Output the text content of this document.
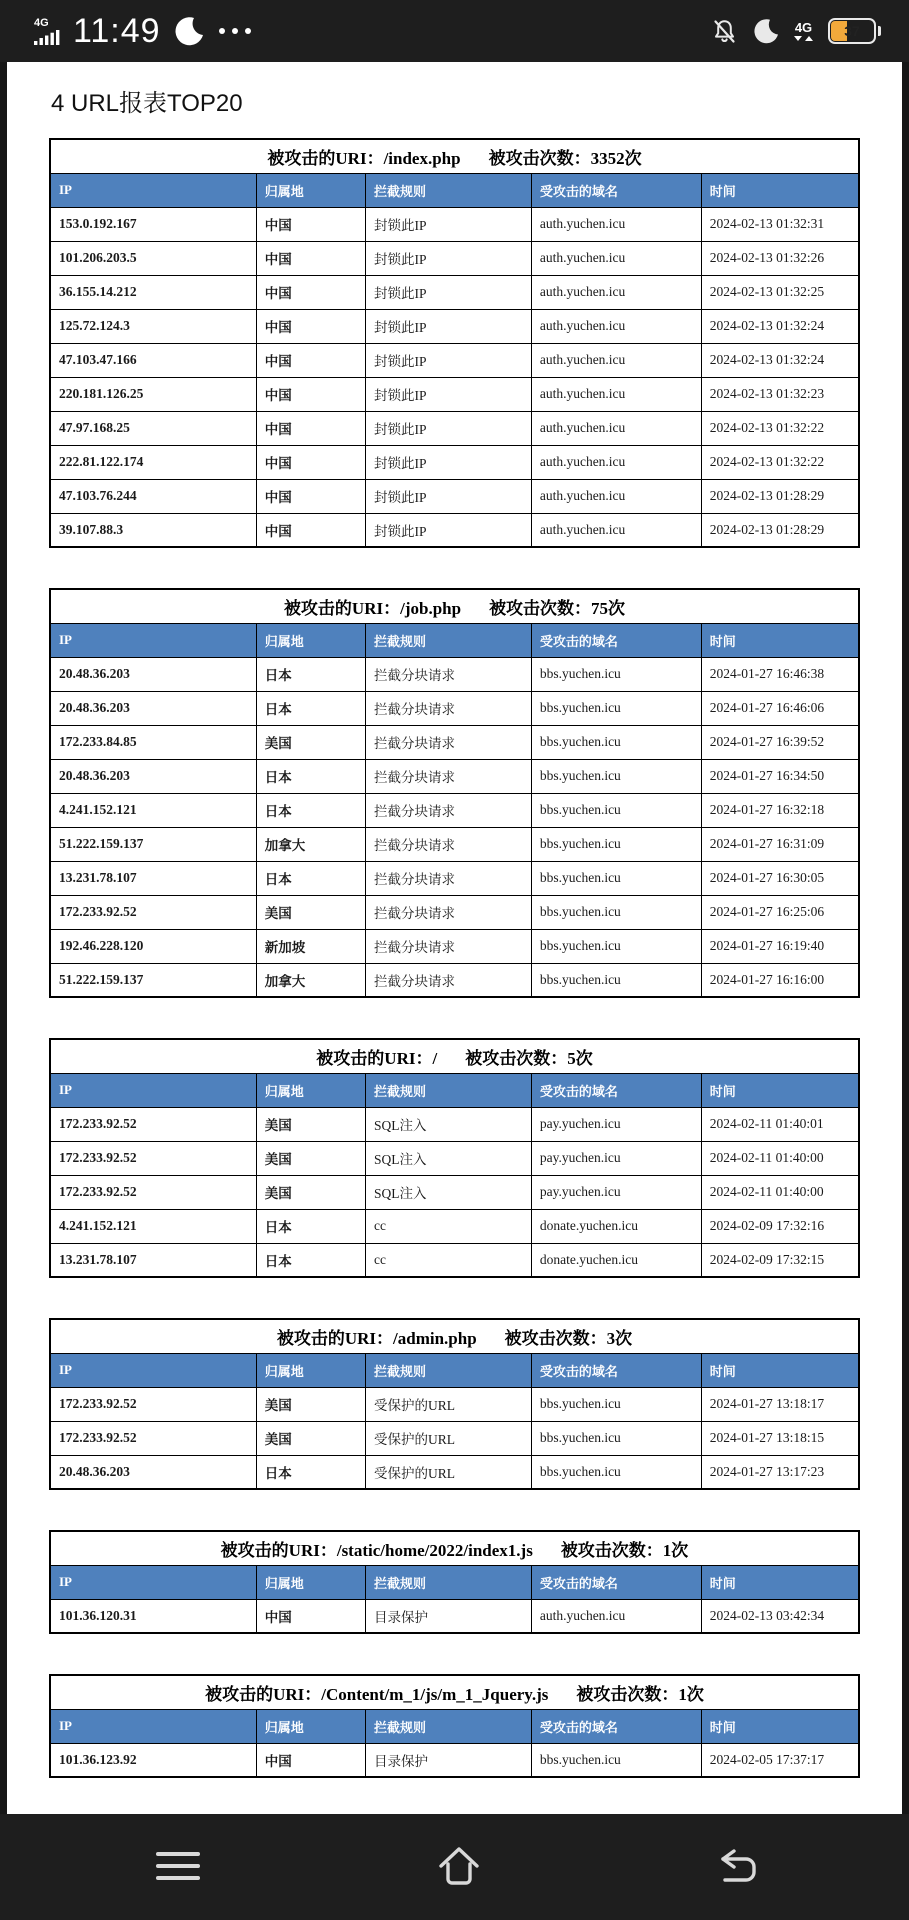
4G 11:49	4G 37
4 URL报表TOP20
被攻击的URI：/index.php 被攻击次数：3352次				
IP	归属地	拦截规则	受攻击的域名	时间
153.0.192.167	中国	封锁此IP	auth.yuchen.icu	2024-02-13 01:32:31
101.206.203.5	中国	封锁此IP	auth.yuchen.icu	2024-02-13 01:32:26
36.155.14.212	中国	封锁此IP	auth.yuchen.icu	2024-02-13 01:32:25
125.72.124.3	中国	封锁此IP	auth.yuchen.icu	2024-02-13 01:32:24
47.103.47.166	中国	封锁此IP	auth.yuchen.icu	2024-02-13 01:32:24
220.181.126.25	中国	封锁此IP	auth.yuchen.icu	2024-02-13 01:32:23
47.97.168.25	中国	封锁此IP	auth.yuchen.icu	2024-02-13 01:32:22
222.81.122.174	中国	封锁此IP	auth.yuchen.icu	2024-02-13 01:32:22
47.103.76.244	中国	封锁此IP	auth.yuchen.icu	2024-02-13 01:28:29
39.107.88.3	中国	封锁此IP	auth.yuchen.icu	2024-02-13 01:28:29
被攻击的URI：/job.php 被攻击次数：75次				
IP	归属地	拦截规则	受攻击的域名	时间
20.48.36.203	日本	拦截分块请求	bbs.yuchen.icu	2024-01-27 16:46:38
20.48.36.203	日本	拦截分块请求	bbs.yuchen.icu	2024-01-27 16:46:06
172.233.84.85	美国	拦截分块请求	bbs.yuchen.icu	2024-01-27 16:39:52
20.48.36.203	日本	拦截分块请求	bbs.yuchen.icu	2024-01-27 16:34:50
4.241.152.121	日本	拦截分块请求	bbs.yuchen.icu	2024-01-27 16:32:18
51.222.159.137	加拿大	拦截分块请求	bbs.yuchen.icu	2024-01-27 16:31:09
13.231.78.107	日本	拦截分块请求	bbs.yuchen.icu	2024-01-27 16:30:05
172.233.92.52	美国	拦截分块请求	bbs.yuchen.icu	2024-01-27 16:25:06
192.46.228.120	新加坡	拦截分块请求	bbs.yuchen.icu	2024-01-27 16:19:40
51.222.159.137	加拿大	拦截分块请求	bbs.yuchen.icu	2024-01-27 16:16:00
被攻击的URI：/ 被攻击次数：5次				
IP	归属地	拦截规则	受攻击的域名	时间
172.233.92.52	美国	SQL注入	pay.yuchen.icu	2024-02-11 01:40:01
172.233.92.52	美国	SQL注入	pay.yuchen.icu	2024-02-11 01:40:00
172.233.92.52	美国	SQL注入	pay.yuchen.icu	2024-02-11 01:40:00
4.241.152.121	日本	cc	donate.yuchen.icu	2024-02-09 17:32:16
13.231.78.107	日本	cc	donate.yuchen.icu	2024-02-09 17:32:15
被攻击的URI：/admin.php 被攻击次数：3次				
IP	归属地	拦截规则	受攻击的域名	时间
172.233.92.52	美国	受保护的URL	bbs.yuchen.icu	2024-01-27 13:18:17
172.233.92.52	美国	受保护的URL	bbs.yuchen.icu	2024-01-27 13:18:15
20.48.36.203	日本	受保护的URL	bbs.yuchen.icu	2024-01-27 13:17:23
被攻击的URI：/static/home/2022/index1.js 被攻击次数：1次				
IP	归属地	拦截规则	受攻击的域名	时间
101.36.120.31	中国	目录保护	auth.yuchen.icu	2024-02-13 03:42:34
被攻击的URI：/Content/m_1/js/m_1_Jquery.js 被攻击次数：1次				
IP	归属地	拦截规则	受攻击的域名	时间
101.36.123.92	中国	目录保护	bbs.yuchen.icu	2024-02-05 17:37:17
